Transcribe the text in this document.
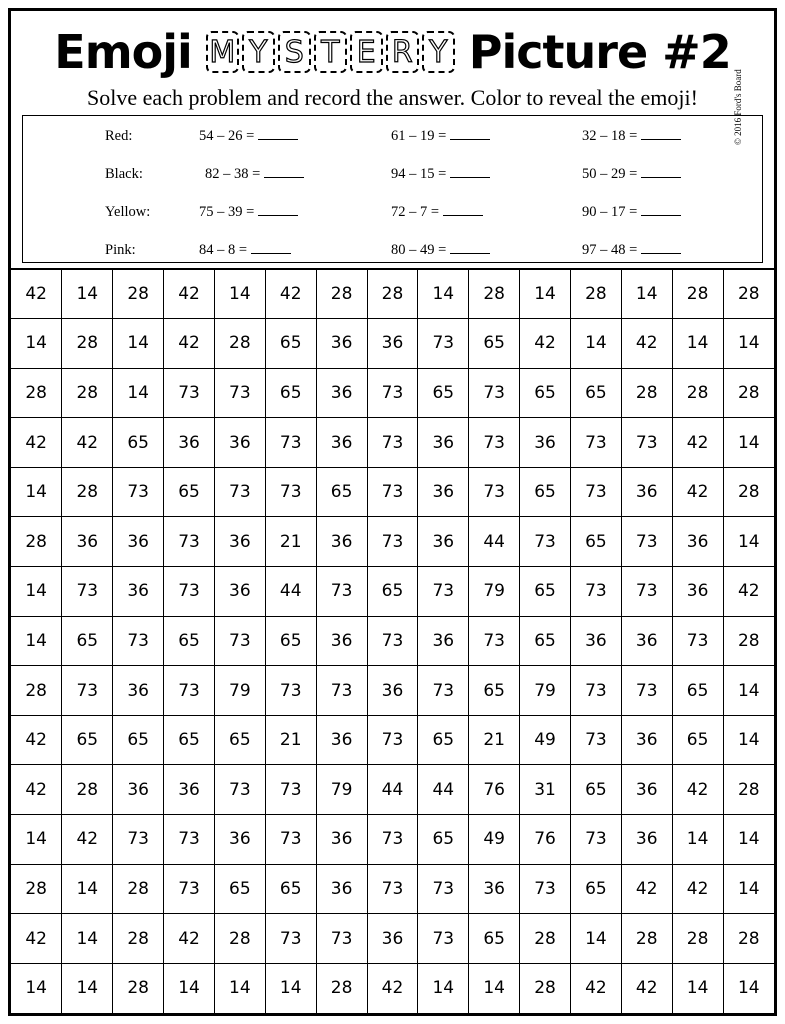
Emoji M Y S T E R Y Picture #2
Solve each problem and record the answer. Color to reveal the emoji!
Red:	54 – 26 =	61 – 19 =	32 – 18 =
Black:	82 – 38 =	94 – 15 =	50 – 29 =
Yellow:	75 – 39 =	72 – 7 =	90 – 17 =
Pink:	84 – 8 =	80 – 49 =	97 – 48 =
© 2016 Ford's Board
42	14	28	42	14	42	28	28	14	28	14	28	14	28	28
14	28	14	42	28	65	36	36	73	65	42	14	42	14	14
28	28	14	73	73	65	36	73	65	73	65	65	28	28	28
42	42	65	36	36	73	36	73	36	73	36	73	73	42	14
14	28	73	65	73	73	65	73	36	73	65	73	36	42	28
28	36	36	73	36	21	36	73	36	44	73	65	73	36	14
14	73	36	73	36	44	73	65	73	79	65	73	73	36	42
14	65	73	65	73	65	36	73	36	73	65	36	36	73	28
28	73	36	73	79	73	73	36	73	65	79	73	73	65	14
42	65	65	65	65	21	36	73	65	21	49	73	36	65	14
42	28	36	36	73	73	79	44	44	76	31	65	36	42	28
14	42	73	73	36	73	36	73	65	49	76	73	36	14	14
28	14	28	73	65	65	36	73	73	36	73	65	42	42	14
42	14	28	42	28	73	73	36	73	65	28	14	28	28	28
14	14	28	14	14	14	28	42	14	14	28	42	42	14	14
